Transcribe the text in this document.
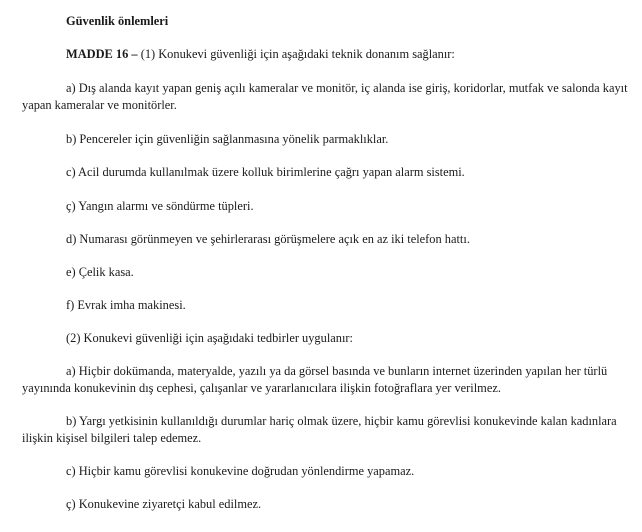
Güvenlik önlemleri

MADDE 16 – (1) Konukevi güvenliği için aşağıdaki teknik donanım sağlanır:

a) Dış alanda kayıt yapan geniş açılı kameralar ve monitör, iç alanda ise giriş, koridorlar, mutfak ve salonda kayıt yapan kameralar ve monitörler.

b) Pencereler için güvenliğin sağlanmasına yönelik parmaklıklar.

c) Acil durumda kullanılmak üzere kolluk birimlerine çağrı yapan alarm sistemi.

ç) Yangın alarmı ve söndürme tüpleri.

d) Numarası görünmeyen ve şehirlerarası görüşmelere açık en az iki telefon hattı.

e) Çelik kasa.

f) Evrak imha makinesi.

(2) Konukevi güvenliği için aşağıdaki tedbirler uygulanır:

a) Hiçbir dokümanda, materyalde, yazılı ya da görsel basında ve bunların internet üzerinden yapılan her türlü yayınında konukevinin dış cephesi, çalışanlar ve yararlanıcılara ilişkin fotoğraflara yer verilmez.

b) Yargı yetkisinin kullanıldığı durumlar hariç olmak üzere, hiçbir kamu görevlisi konukevinde kalan kadınlara ilişkin kişisel bilgileri talep edemez.

c) Hiçbir kamu görevlisi konukevine doğrudan yönlendirme yapamaz.

ç) Konukevine ziyaretçi kabul edilmez.
